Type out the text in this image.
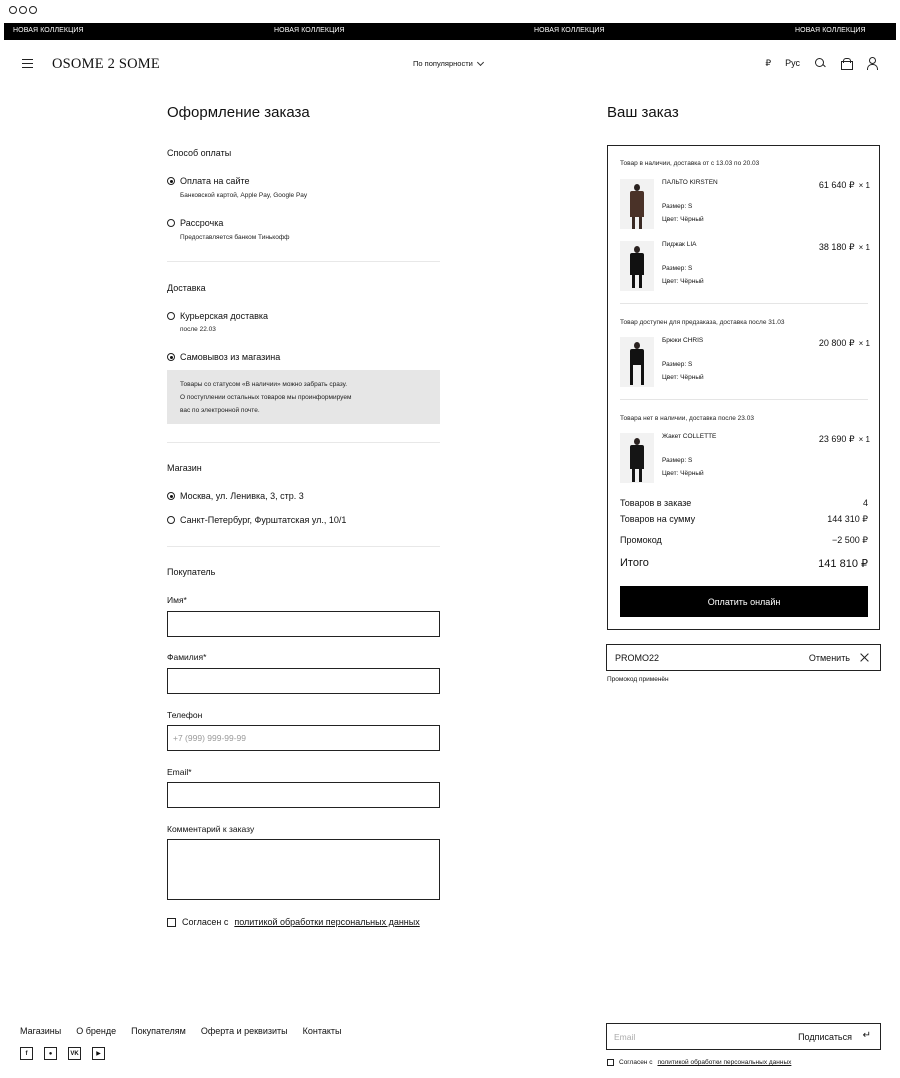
НОВАЯ КОЛЛЕКЦИЯ	НОВАЯ КОЛЛЕКЦИЯ	НОВАЯ КОЛЛЕКЦИЯ	НОВАЯ КОЛЛЕКЦИЯ
OSOME 2 SOME	По популярности	₽ Рус
Оформление заказа
Способ оплаты
Оплата на сайте
Банковской картой, Apple Pay, Google Pay
Рассрочка
Предоставляется банком Тинькофф
Доставка
Курьерская доставка
после 22.03
Самовывоз из магазина
Товары со статусом «В наличии» можно забрать сразу.
О поступлении остальных товаров мы проинформируем
вас по электронной почте.
Магазин
Москва, ул. Ленивка, 3, стр. 3
Санкт-Петербург, Фурштатская ул., 10/1
Покупатель
Имя*
Фамилия*
Телефон
+7 (999) 999-99-99
Email*
Комментарий к заказу
Согласен с политикой обработки персональных данных
Ваш заказ
Товар в наличии, доставка от с 13.03 по 20.03
ПАЛЬТО KIRSTEN	61 640 ₽ × 1
Размер: S
Цвет: Чёрный
Пиджак LIA	38 180 ₽ × 1
Размер: S
Цвет: Чёрный
Товар доступен для предзаказа, доставка после 31.03
Брюки CHRIS	20 800 ₽ × 1
Размер: S
Цвет: Чёрный
Товара нет в наличии, доставка после 23.03
Жакет COLLETTE	23 690 ₽ × 1
Размер: S
Цвет: Чёрный
Товаров в заказе	4
Товаров на сумму	144 310 ₽
Промокод	−2 500 ₽
Итого	141 810 ₽
Оплатить онлайн
PROMO22	Отменить
Промокод применён
Магазины О бренде Покупателям Оферта и реквизиты Контакты
f	●	VK	▶
Email
Подписаться ↵
Согласен с политикой обработки персональных данных
